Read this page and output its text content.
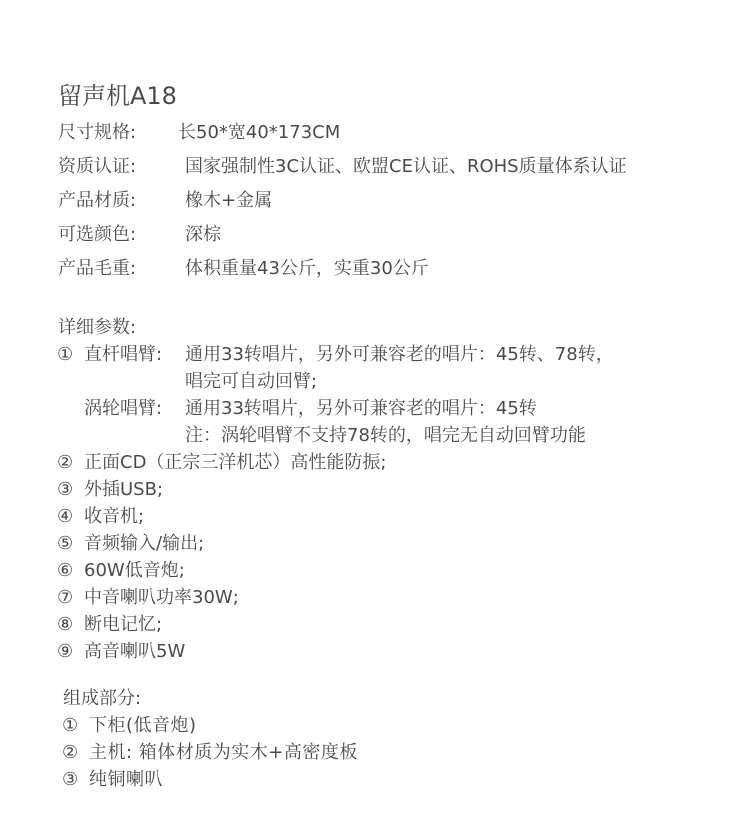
留声机A18
尺寸规格: 长50*宽40*173CM
资质认证:	国家强制性3C认证、欧盟CE认证、ROHS质量体系认证
产品材质:	橡木+金属
可选颜色:	深棕
产品毛重:	体积重量43公斤，实重30公斤
详细参数:
① 直杆唱臂: 通用33转唱片，另外可兼容老的唱片：45转、78转，
唱完可自动回臂;
涡轮唱臂: 通用33转唱片，另外可兼容老的唱片：45转
注：涡轮唱臂不支持78转的，唱完无自动回臂功能
② 正面CD（正宗三洋机芯）高性能防振;
③ 外插USB;
④ 收音机;
⑤ 音频输入/输出;
⑥ 60W低音炮;
⑦ 中音喇叭功率30W;
⑧ 断电记忆;
⑨ 高音喇叭5W
组成部分:
① 下柜(低音炮)
② 主机: 箱体材质为实木+高密度板
③ 纯铜喇叭
